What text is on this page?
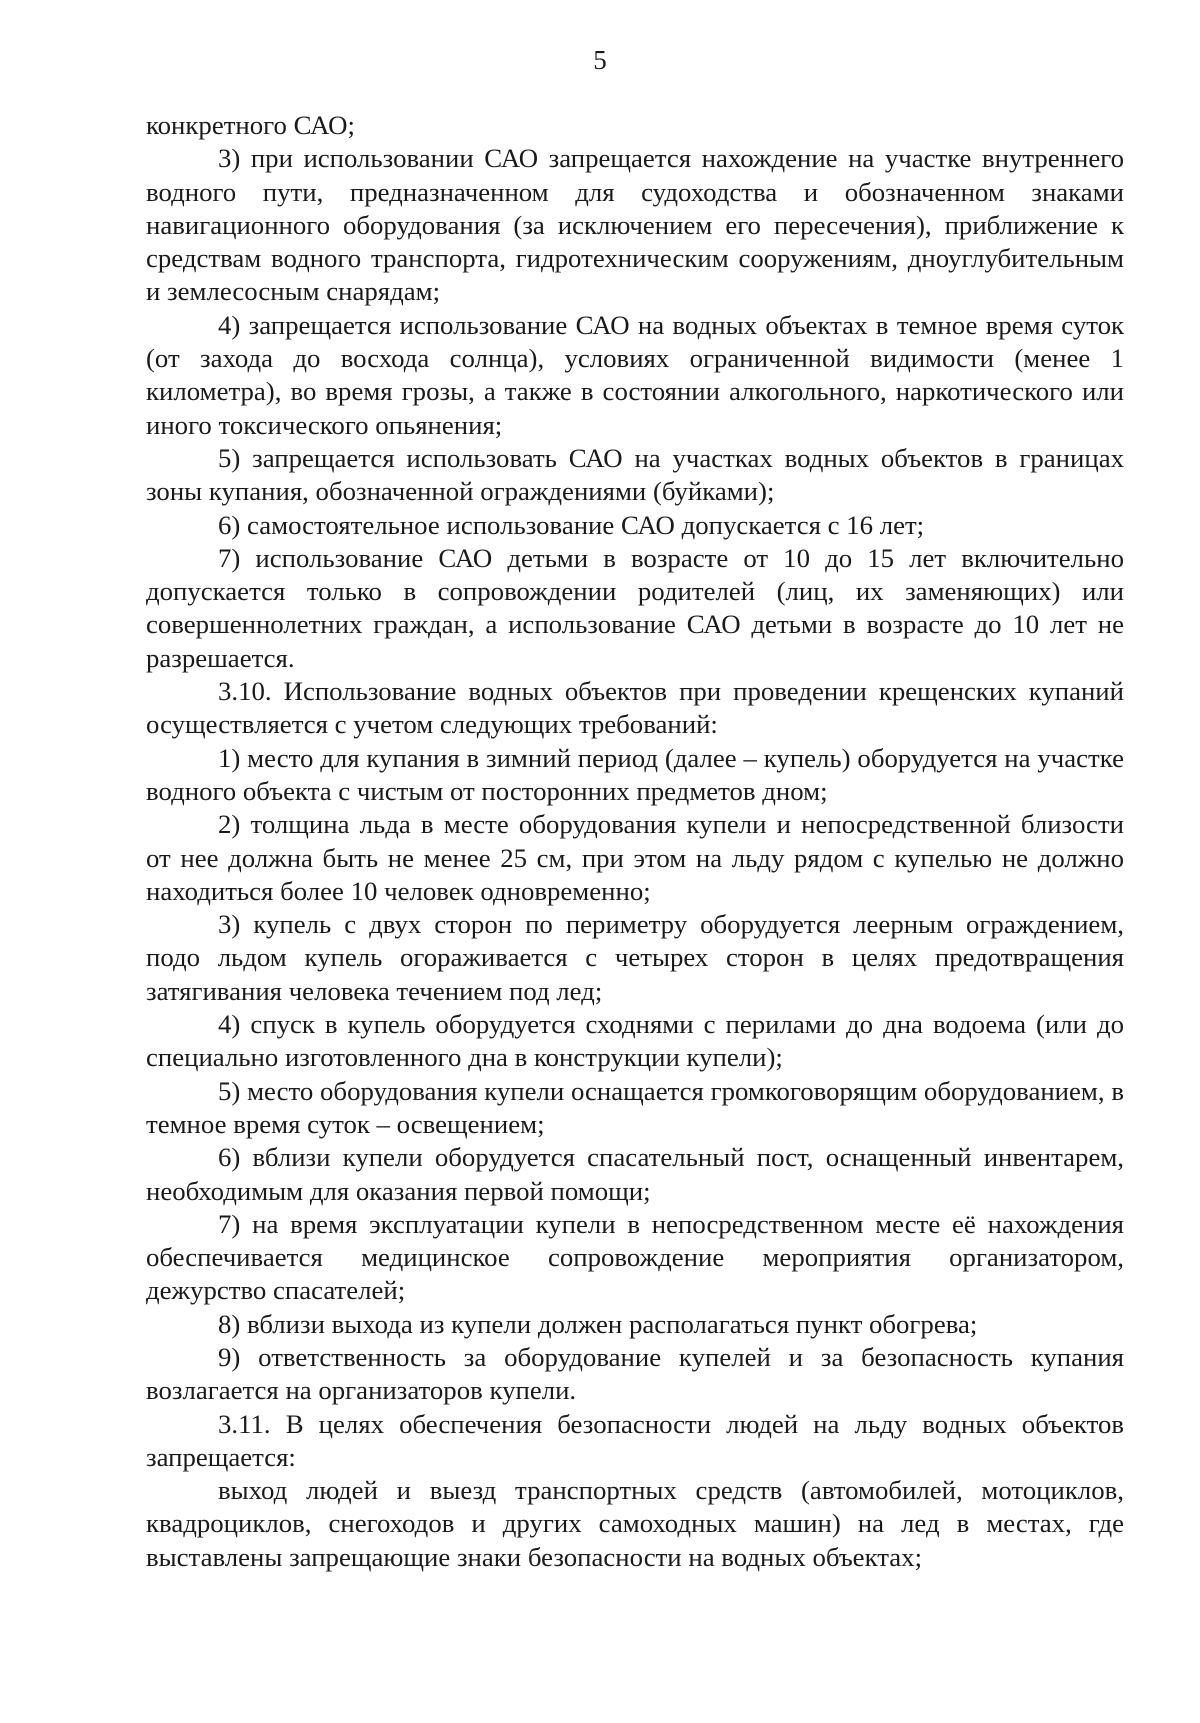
5

конкретного САО;

3) при использовании САО запрещается нахождение на участке внутреннего водного пути, предназначенном для судоходства и обозначенном знаками навигационного оборудования (за исключением его пересечения), приближение к средствам водного транспорта, гидротехническим сооружениям, дноуглубительным и землесосным снарядам;

4) запрещается использование САО на водных объектах в темное время суток (от захода до восхода солнца), условиях ограниченной видимости (менее 1 километра), во время грозы, а также в состоянии алкогольного, наркотического или иного токсического опьянения;

5) запрещается использовать САО на участках водных объектов в границах зоны купания, обозначенной ограждениями (буйками);

6) самостоятельное использование САО допускается с 16 лет;

7) использование САО детьми в возрасте от 10 до 15 лет включительно допускается только в сопровождении родителей (лиц, их заменяющих) или совершеннолетних граждан, а использование САО детьми в возрасте до 10 лет не разрешается.

3.10. Использование водных объектов при проведении крещенских купаний осуществляется с учетом следующих требований:

1) место для купания в зимний период (далее – купель) оборудуется на участке водного объекта с чистым от посторонних предметов дном;

2) толщина льда в месте оборудования купели и непосредственной близости от нее должна быть не менее 25 см, при этом на льду рядом с купелью не должно находиться более 10 человек одновременно;

3) купель с двух сторон по периметру оборудуется леерным ограждением, подо льдом купель огораживается с четырех сторон в целях предотвращения затягивания человека течением под лед;

4) спуск в купель оборудуется сходнями с перилами до дна водоема (или до специально изготовленного дна в конструкции купели);

5) место оборудования купели оснащается громкоговорящим оборудованием, в темное время суток – освещением;

6) вблизи купели оборудуется спасательный пост, оснащенный инвентарем, необходимым для оказания первой помощи;

7) на время эксплуатации купели в непосредственном месте её нахождения обеспечивается медицинское сопровождение мероприятия организатором, дежурство спасателей;

8) вблизи выхода из купели должен располагаться пункт обогрева;

9) ответственность за оборудование купелей и за безопасность купания возлагается на организаторов купели.

3.11. В целях обеспечения безопасности людей на льду водных объектов запрещается:

выход людей и выезд транспортных средств (автомобилей, мотоциклов, квадроциклов, снегоходов и других самоходных машин) на лед в местах, где выставлены запрещающие знаки безопасности на водных объектах;
